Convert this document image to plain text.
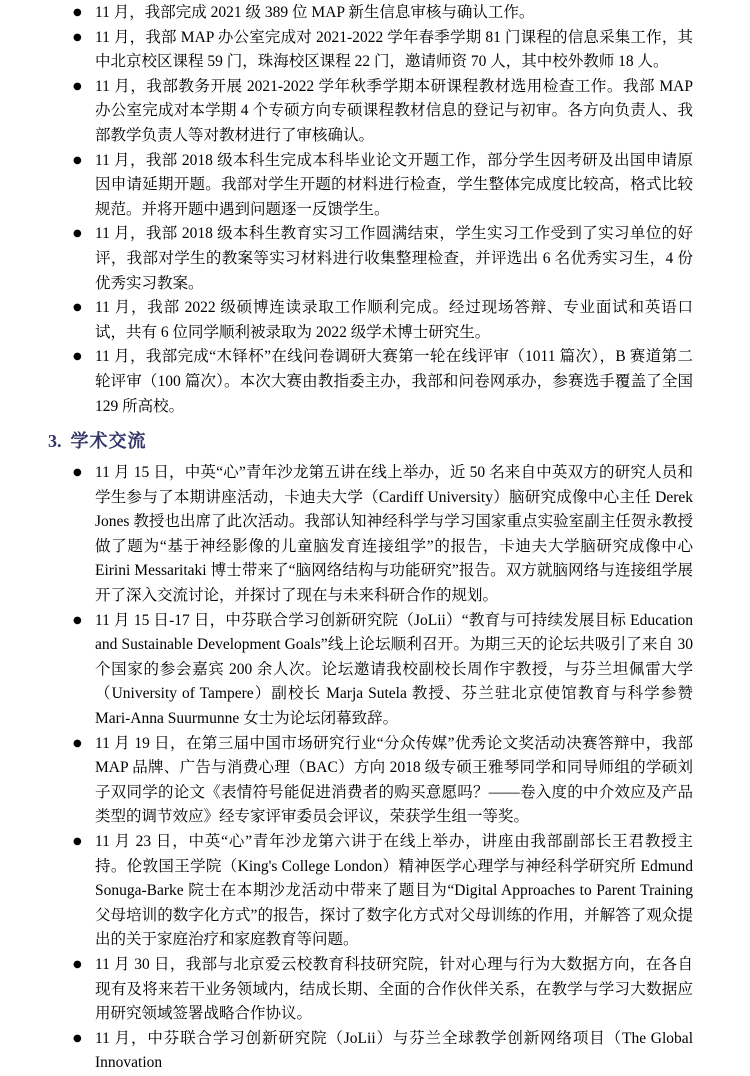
● 11 月，我部完成 2021 级 389 位 MAP 新生信息审核与确认工作。
● 11 月，我部 MAP 办公室完成对 2021-2022 学年春季学期 81 门课程的信息采集工作，其中北京校区课程 59 门，珠海校区课程 22 门，邀请师资 70 人，其中校外教师 18 人。
● 11 月，我部教务开展 2021-2022 学年秋季学期本研课程教材选用检查工作。我部 MAP 办公室完成对本学期 4 个专硕方向专硕课程教材信息的登记与初审。各方向负责人、我部教学负责人等对教材进行了审核确认。
● 11 月，我部 2018 级本科生完成本科毕业论文开题工作，部分学生因考研及出国申请原因申请延期开题。我部对学生开题的材料进行检查，学生整体完成度比较高，格式比较规范。并将开题中遇到问题逐一反馈学生。
● 11 月，我部 2018 级本科生教育实习工作圆满结束，学生实习工作受到了实习单位的好评，我部对学生的教案等实习材料进行收集整理检查，并评选出 6 名优秀实习生，4 份优秀实习教案。
● 11 月，我部 2022 级硕博连读录取工作顺利完成。经过现场答辩、专业面试和英语口试，共有 6 位同学顺利被录取为 2022 级学术博士研究生。
● 11 月，我部完成“木铎杯”在线问卷调研大赛第一轮在线评审（1011 篇次），B 赛道第二轮评审（100 篇次）。本次大赛由教指委主办，我部和问卷网承办，参赛选手覆盖了全国 129 所高校。
3. 学术交流
● 11 月 15 日，中英“心”青年沙龙第五讲在线上举办，近 50 名来自中英双方的研究人员和学生参与了本期讲座活动，卡迪夫大学（Cardiff University）脑研究成像中心主任 Derek Jones 教授也出席了此次活动。我部认知神经科学与学习国家重点实验室副主任贺永教授做了题为“基于神经影像的儿童脑发育连接组学”的报告，卡迪夫大学脑研究成像中心 Eirini Messaritaki 博士带来了“脑网络结构与功能研究”报告。双方就脑网络与连接组学展开了深入交流讨论，并探讨了现在与未来科研合作的规划。
● 11 月 15 日-17 日，中芬联合学习创新研究院（JoLii）“教育与可持续发展目标 Education and Sustainable Development Goals”线上论坛顺利召开。为期三天的论坛共吸引了来自 30 个国家的参会嘉宾 200 余人次。论坛邀请我校副校长周作宇教授，与芬兰坦佩雷大学（University of Tampere）副校长 Marja Sutela 教授、芬兰驻北京使馆教育与科学参赞 Mari-Anna Suurmunne 女士为论坛闭幕致辞。
● 11 月 19 日，在第三届中国市场研究行业“分众传媒”优秀论文奖活动决赛答辩中，我部 MAP 品牌、广告与消费心理（BAC）方向 2018 级专硕王雅琴同学和同导师组的学硕刘子双同学的论文《表情符号能促进消费者的购买意愿吗？——卷入度的中介效应及产品类型的调节效应》经专家评审委员会评议，荣获学生组一等奖。
● 11 月 23 日，中英“心”青年沙龙第六讲于在线上举办，讲座由我部副部长王君教授主持。伦敦国王学院（King's College London）精神医学心理学与神经科学研究所 Edmund Sonuga-Barke 院士在本期沙龙活动中带来了题目为“Digital Approaches to Parent Training 父母培训的数字化方式”的报告，探讨了数字化方式对父母训练的作用，并解答了观众提出的关于家庭治疗和家庭教育等问题。
● 11 月 30 日，我部与北京爱云校教育科技研究院，针对心理与行为大数据方向，在各自现有及将来若干业务领域内，结成长期、全面的合作伙伴关系，在教学与学习大数据应用研究领域签署战略合作协议。
● 11 月，中芬联合学习创新研究院（JoLii）与芬兰全球教学创新网络项目（The Global Innovation
